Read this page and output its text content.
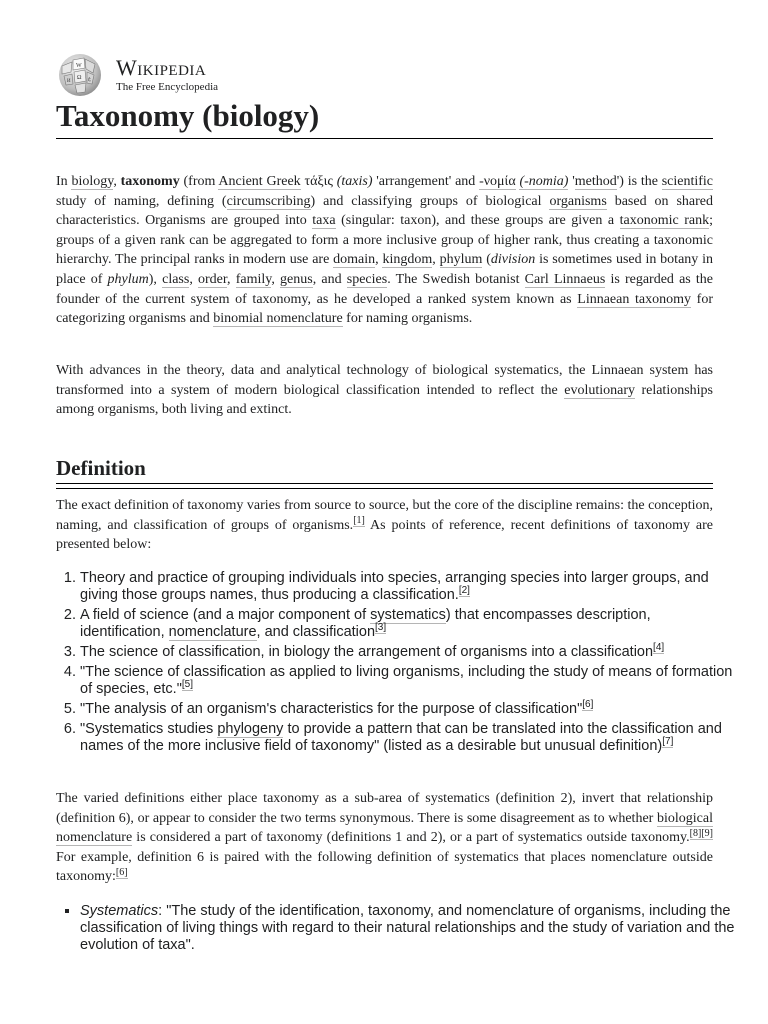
W
Ω
И	ع Wikipedia
The Free Encyclopedia
Taxonomy (biology)
In biology, taxonomy (from Ancient Greek τάξις (taxis) 'arrangement' and -νομία (-nomia) 'method') is the scientific study of naming, defining (circumscribing) and classifying groups of biological organisms based on shared characteristics. Organisms are grouped into taxa (singular: taxon), and these groups are given a taxonomic rank; groups of a given rank can be aggregated to form a more inclusive group of higher rank, thus creating a taxonomic hierarchy. The principal ranks in modern use are domain, kingdom, phylum (division is sometimes used in botany in place of phylum), class, order, family, genus, and species. The Swedish botanist Carl Linnaeus is regarded as the founder of the current system of taxonomy, as he developed a ranked system known as Linnaean taxonomy for categorizing organisms and binomial nomenclature for naming organisms.
With advances in the theory, data and analytical technology of biological systematics, the Linnaean system has transformed into a system of modern biological classification intended to reflect the evolutionary relationships among organisms, both living and extinct.
Definition
The exact definition of taxonomy varies from source to source, but the core of the discipline remains: the conception, naming, and classification of groups of organisms.[1] As points of reference, recent definitions of taxonomy are presented below:
1. Theory and practice of grouping individuals into species, arranging species into larger groups, and giving those groups names, thus producing a classification.[2]
2. A field of science (and a major component of systematics) that encompasses description, identification, nomenclature, and classification[3]
3. The science of classification, in biology the arrangement of organisms into a classification[4]
4. "The science of classification as applied to living organisms, including the study of means of formation of species, etc."[5]
5. "The analysis of an organism's characteristics for the purpose of classification"[6]
6. "Systematics studies phylogeny to provide a pattern that can be translated into the classification and names of the more inclusive field of taxonomy" (listed as a desirable but unusual definition)[7]
The varied definitions either place taxonomy as a sub-area of systematics (definition 2), invert that relationship (definition 6), or appear to consider the two terms synonymous. There is some disagreement as to whether biological nomenclature is considered a part of taxonomy (definitions 1 and 2), or a part of systematics outside taxonomy.[8][9] For example, definition 6 is paired with the following definition of systematics that places nomenclature outside taxonomy:[6]
▪ Systematics: "The study of the identification, taxonomy, and nomenclature of organisms, including the classification of living things with regard to their natural relationships and the study of variation and the evolution of taxa".
